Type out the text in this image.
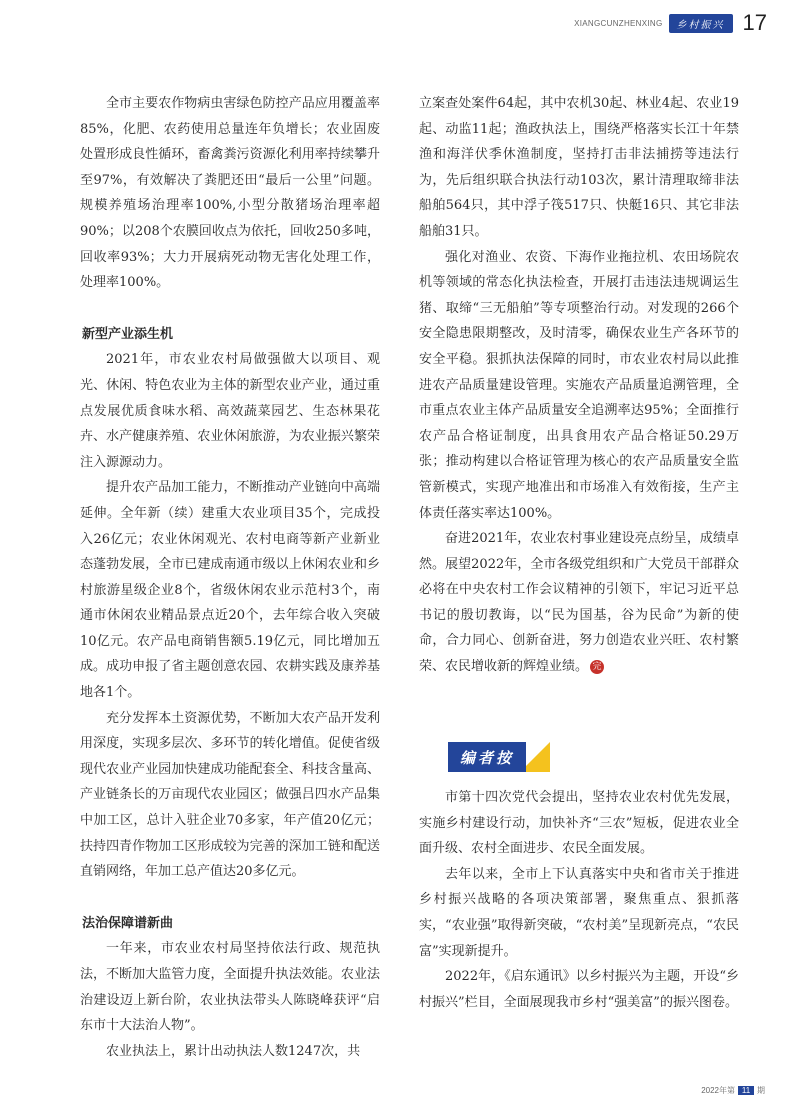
XIANGCUNZHENXING	乡村振兴 17

全市主要农作物病虫害绿色防控产品应用覆盖率85%，化肥、农药使用总量连年负增长；农业固废处置形成良性循环，畜禽粪污资源化利用率持续攀升至97%，有效解决了粪肥还田“最后一公里”问题。规模养殖场治理率100%,小型分散猪场治理率超90%；以208个农膜回收点为依托，回收250多吨，回收率93%；大力开展病死动物无害化处理工作，处理率100%。

新型产业添生机

2021年，市农业农村局做强做大以项目、观光、休闲、特色农业为主体的新型农业产业，通过重点发展优质食味水稻、高效蔬菜园艺、生态林果花卉、水产健康养殖、农业休闲旅游，为农业振兴繁荣注入源源动力。

提升农产品加工能力，不断推动产业链向中高端延伸。全年新（续）建重大农业项目35个，完成投入26亿元；农业休闲观光、农村电商等新产业新业态蓬勃发展，全市已建成南通市级以上休闲农业和乡村旅游星级企业8个，省级休闲农业示范村3个，南通市休闲农业精品景点近20个，去年综合收入突破10亿元。农产品电商销售额5.19亿元，同比增加五成。成功申报了省主题创意农园、农耕实践及康养基地各1个。

充分发挥本土资源优势，不断加大农产品开发利用深度，实现多层次、多环节的转化增值。促使省级现代农业产业园加快建成功能配套全、科技含量高、产业链条长的万亩现代农业园区；做强吕四水产品集中加工区，总计入驻企业70多家，年产值20亿元；扶持四青作物加工区形成较为完善的深加工链和配送直销网络，年加工总产值达20多亿元。

法治保障谱新曲

一年来，市农业农村局坚持依法行政、规范执法，不断加大监管力度，全面提升执法效能。农业法治建设迈上新台阶，农业执法带头人陈晓峰获评“启东市十大法治人物”。

农业执法上，累计出动执法人数1247次，共

立案查处案件64起，其中农机30起、林业4起、农业19起、动监11起；渔政执法上，围绕严格落实长江十年禁渔和海洋伏季休渔制度，坚持打击非法捕捞等违法行为，先后组织联合执法行动103次，累计清理取缔非法船舶564只，其中浮子筏517只、快艇16只、其它非法船舶31只。

强化对渔业、农资、下海作业拖拉机、农田场院农机等领域的常态化执法检查，开展打击违法违规调运生猪、取缔“三无船舶”等专项整治行动。对发现的266个安全隐患限期整改，及时清零，确保农业生产各环节的安全平稳。狠抓执法保障的同时，市农业农村局以此推进农产品质量建设管理。实施农产品质量追溯管理，全市重点农业主体产品质量安全追溯率达95%；全面推行农产品合格证制度，出具食用农产品合格证50.29万张；推动构建以合格证管理为核心的农产品质量安全监管新模式，实现产地准出和市场准入有效衔接，生产主体责任落实率达100%。

奋进2021年，农业农村事业建设亮点纷呈，成绩卓然。展望2022年，全市各级党组织和广大党员干部群众必将在中央农村工作会议精神的引领下，牢记习近平总书记的殷切教诲，以“民为国基，谷为民命”为新的使命，合力同心、创新奋进，努力创造农业兴旺、农村繁荣、农民增收新的辉煌业绩。 完

编者按

市第十四次党代会提出，坚持农业农村优先发展，实施乡村建设行动，加快补齐“三农”短板，促进农业全面升级、农村全面进步、农民全面发展。

去年以来，全市上下认真落实中央和省市关于推进乡村振兴战略的各项决策部署，聚焦重点、狠抓落实，“农业强”取得新突破，“农村美”呈现新亮点，“农民富”实现新提升。

2022年，《启东通讯》以乡村振兴为主题，开设“乡村振兴”栏目，全面展现我市乡村“强美富”的振兴图卷。

2022年 第 11 期
